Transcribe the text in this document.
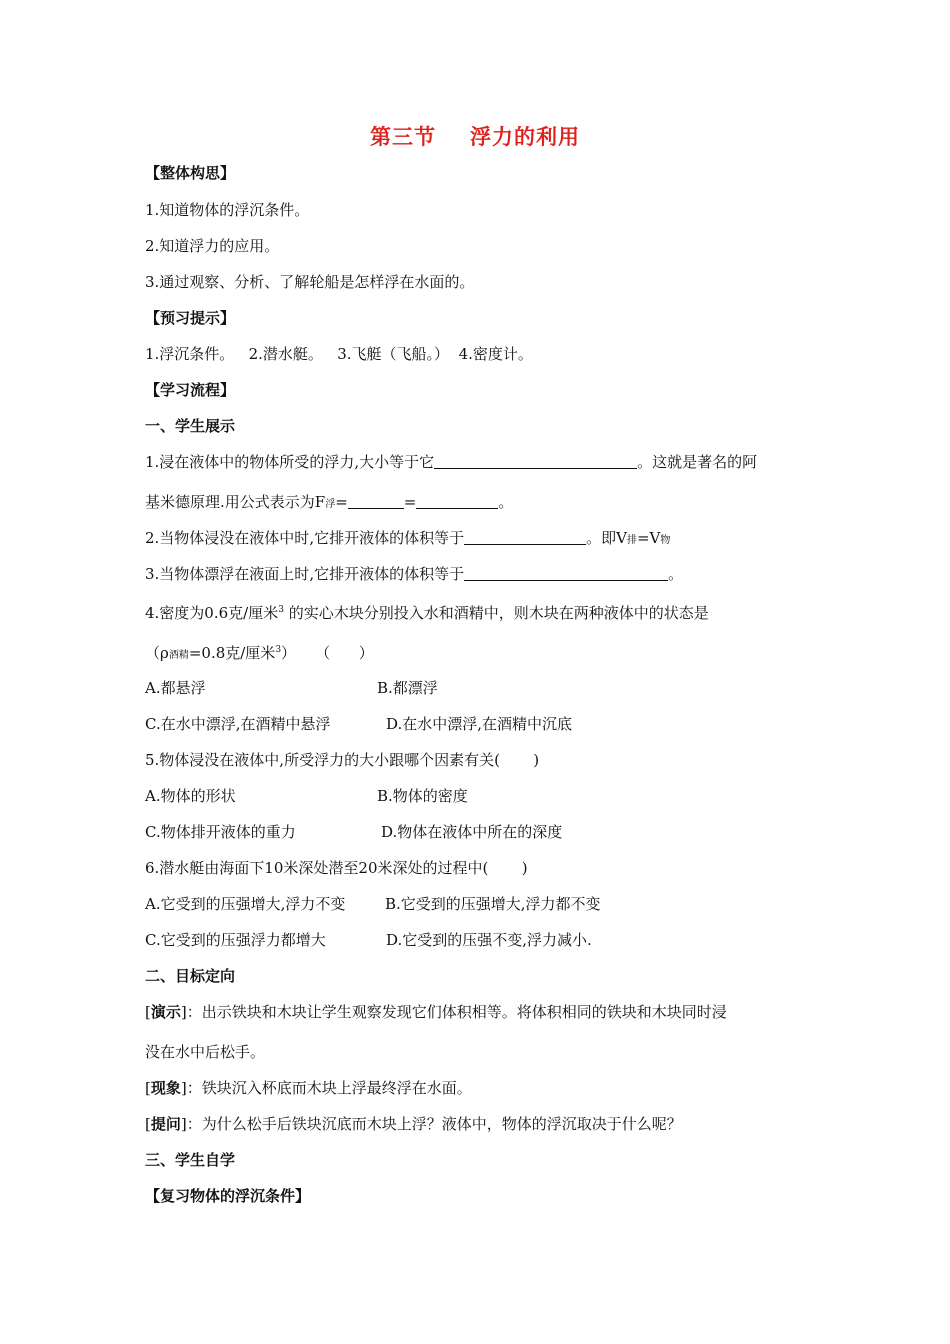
第三节 浮力的利用
【整体构思】
1.知道物体的浮沉条件。
2.知道浮力的应用。
3.通过观察、分析、了解轮船是怎样浮在水面的。
【预习提示】
1.浮沉条件。   2.潜水艇。   3.飞艇（飞船。）  4.密度计。
【学习流程】
一、学生展示
1.浸在液体中的物体所受的浮力,大小等于它	。这就是著名的阿
基米德原理.用公式表示为F浮=	=	。
2.当物体浸没在液体中时,它排开液体的体积等于	。即V排=V物
3.当物体漂浮在液面上时,它排开液体的体积等于	。
4.密度为0.6克/厘米$^3$ 的实心木块分别投入水和酒精中，则木块在两种液体中的状态是
（ρ酒精=0.8克/厘米$^3$）    （      ）
A.都悬浮	B.都漂浮
C.在水中漂浮,在酒精中悬浮	D.在水中漂浮,在酒精中沉底
5.物体浸没在液体中,所受浮力的大小跟哪个因素有关(       )
A.物体的形状	B.物体的密度
C.物体排开液体的重力	D.物体在液体中所在的深度
6.潜水艇由海面下10米深处潜至20米深处的过程中(       )
A.它受到的压强增大,浮力不变	B.它受到的压强增大,浮力都不变
C.它受到的压强浮力都增大	D.它受到的压强不变,浮力减小.
二、目标定向
[演示]：出示铁块和木块让学生观察发现它们体积相等。将体积相同的铁块和木块同时浸
没在水中后松手。
[现象]：铁块沉入杯底而木块上浮最终浮在水面。
[提问]：为什么松手后铁块沉底而木块上浮？液体中，物体的浮沉取决于什么呢？
三、学生自学
【复习物体的浮沉条件】
